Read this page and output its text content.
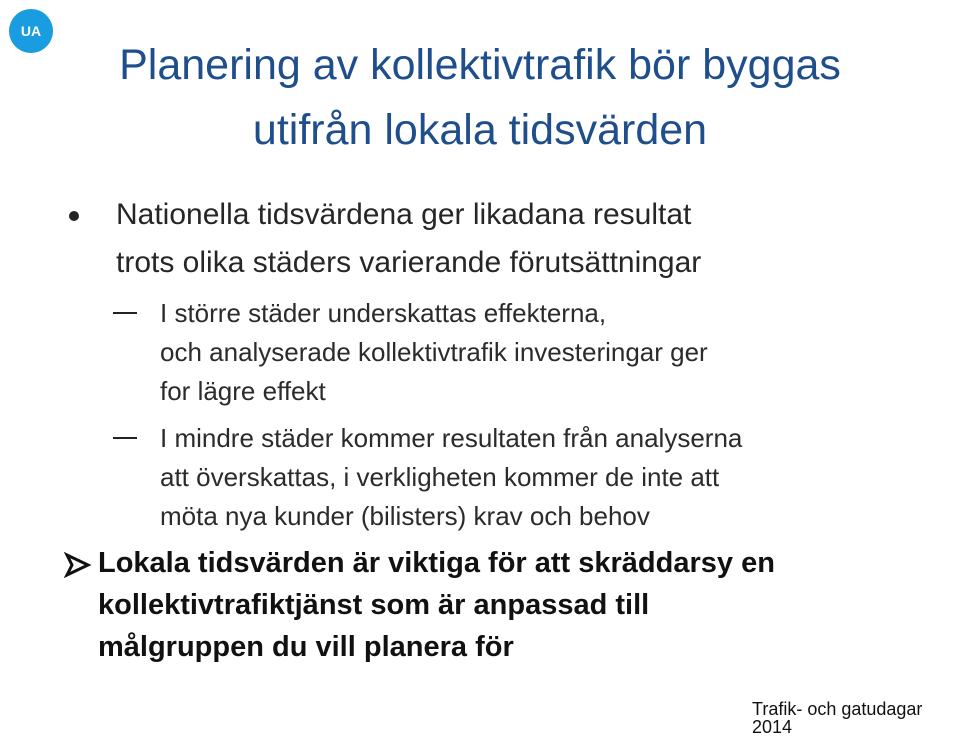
UA
Planering av kollektivtrafik bör byggas
utifrån lokala tidsvärden
Nationella tidsvärdena ger likadana resultat
trots olika städers varierande förutsättningar
I större städer underskattas effekterna,
och analyserade kollektivtrafik investeringar ger
for lägre effekt
I mindre städer kommer resultaten från analyserna
att överskattas, i verkligheten kommer de inte att
möta nya kunder (bilisters) krav och behov
Lokala tidsvärden är viktiga för att skräddarsy en
kollektivtrafiktjänst som är anpassad till
målgruppen du vill planera för
Trafik- och gatudagar 2014
